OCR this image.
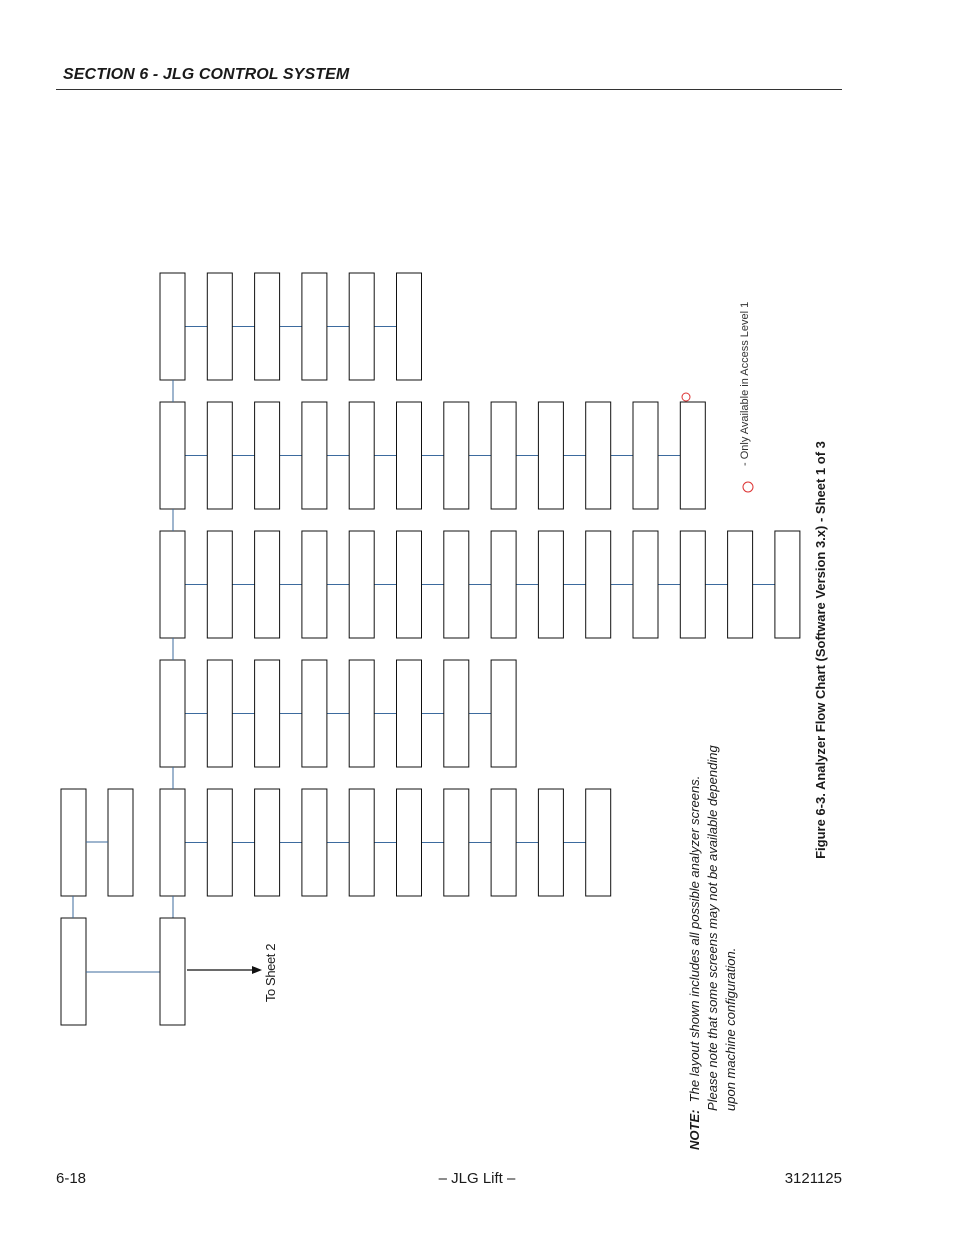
SECTION 6 - JLG CONTROL SYSTEM
To Sheet 2
- Only Available in Access Level 1
Figure 6-3. Analyzer Flow Chart (Software Version 3.x) - Sheet 1 of 3
NOTE:  The layout shown includes all possible analyzer screens. Please note that some screens may not be available depending upon machine configuration.
6-18	– JLG Lift –	3121125
